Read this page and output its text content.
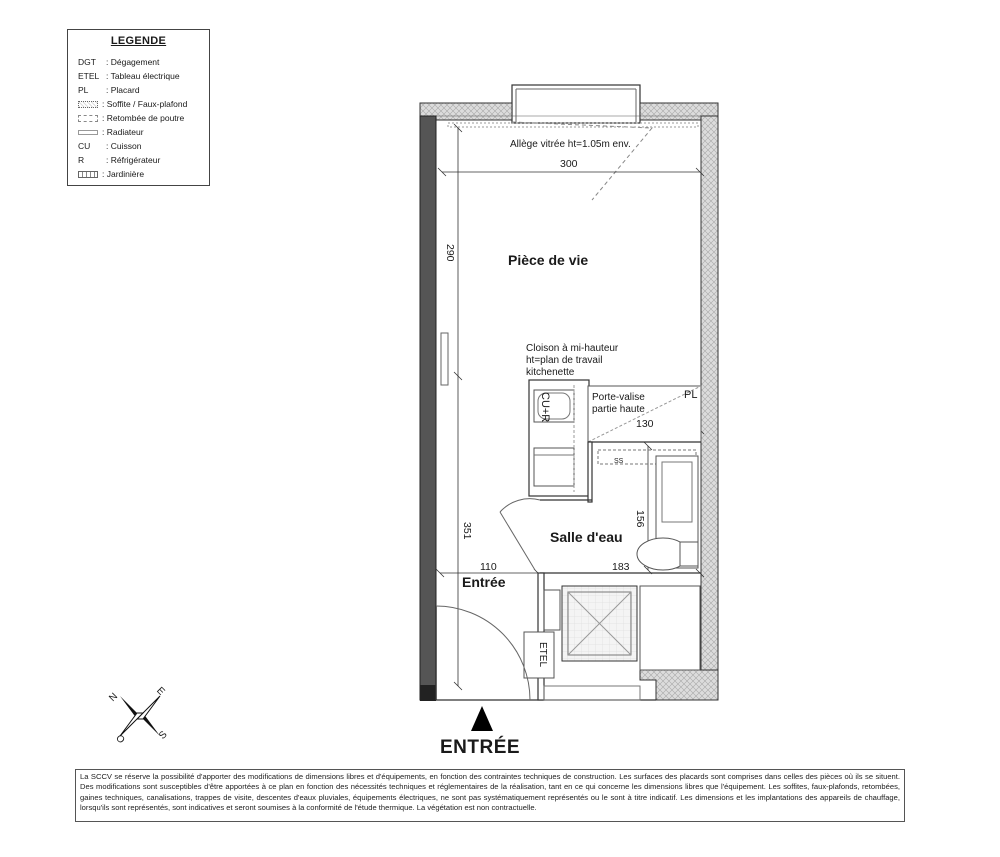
LEGENDE
DGT : Dégagement
ETEL : Tableau électrique
PL : Placard
: Soffite / Faux-plafond
: Retombée de poutre
: Radiateur
CU : Cuisson
R	: Réfrigérateur
: Jardinière
Pièce de vie
Salle d'eau
Entrée
Allège vitrée ht=1.05m env.
Cloison à mi-hauteur
ht=plan de travail
kitchenette
Porte-valise
partie haute
PL
CU+R
ETEL
SS
300
290
351
130
156
110	183
N	E
S
O	ENTRÉE
La SCCV se réserve la possibilité d'apporter des modifications de dimensions libres et d'équipements, en fonction des contraintes techniques de construction. Les surfaces des placards sont comprises dans celles des pièces où ils se situent. Des modifications sont susceptibles d'être apportées à ce plan en fonction des nécessités techniques et réglementaires de la réalisation, tant en ce qui concerne les dimensions libres que l'équipement. Les soffites, faux-plafonds, retombées, gaines techniques, canalisations, trappes de visite, descentes d'eaux pluviales, équipements électriques, ne sont pas systématiquement représentés ou le sont à titre indicatif. Les dimensions et les implantations des appareils de chauffage, lorsqu'ils sont représentés, sont indicatives et seront soumises à la conformité de l'étude thermique. La végétation est non contractuelle.
